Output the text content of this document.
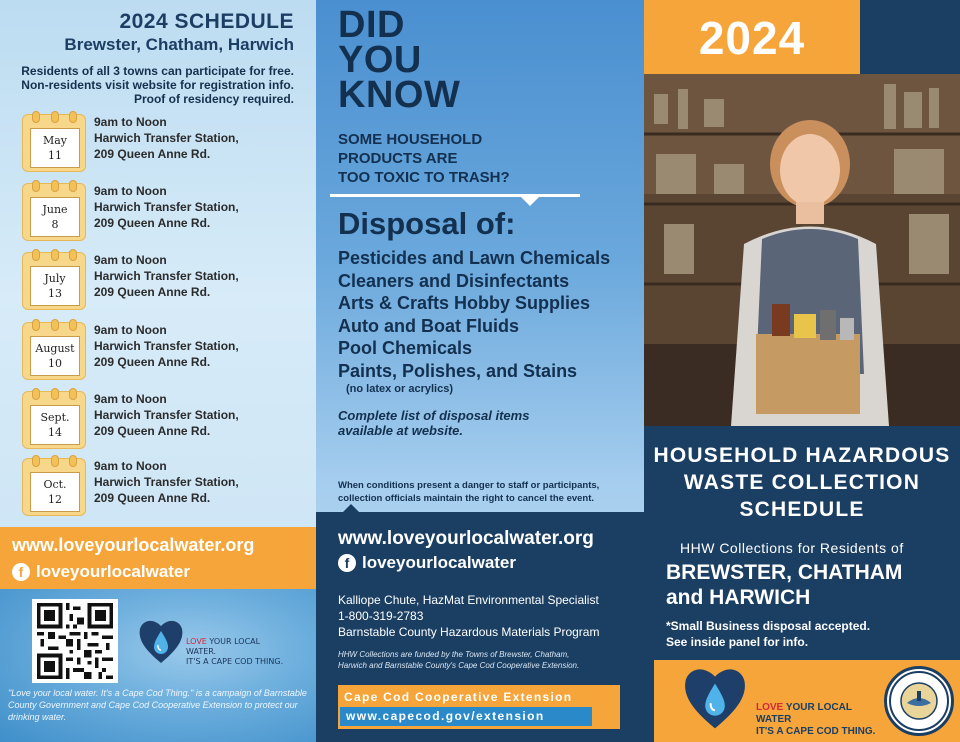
2024 SCHEDULE
Brewster, Chatham, Harwich
Residents of all 3 towns can participate for free.
Non-residents visit website for registration info.
Proof of residency required.
May
11
9am to Noon
Harwich Transfer Station,
209 Queen Anne Rd.
June
8
9am to Noon
Harwich Transfer Station,
209 Queen Anne Rd.
July
13
9am to Noon
Harwich Transfer Station,
209 Queen Anne Rd.
August
10
9am to Noon
Harwich Transfer Station,
209 Queen Anne Rd.
Sept.
14
9am to Noon
Harwich Transfer Station,
209 Queen Anne Rd.
Oct.
12
9am to Noon
Harwich Transfer Station,
209 Queen Anne Rd.
www.loveyourlocalwater.org
f loveyourlocalwater
LOVE YOUR LOCAL WATER.
IT'S A CAPE COD THING.
"Love your local water. It's a Cape Cod Thing." is a campaign of Barnstable County Government and Cape Cod Cooperative Extension to protect our drinking water.
DID
YOU
KNOW
SOME HOUSEHOLD
PRODUCTS ARE
TOO TOXIC TO TRASH?
Disposal of:
Pesticides and Lawn Chemicals
Cleaners and Disinfectants
Arts & Crafts Hobby Supplies
Auto and Boat Fluids
Pool Chemicals
Paints, Polishes, and Stains
(no latex or acrylics)
Complete list of disposal items
available at website.
When conditions present a danger to staff or participants,
collection officials maintain the right to cancel the event.
www.loveyourlocalwater.org
f loveyourlocalwater
Kalliope Chute, HazMat Environmental Specialist
1-800-319-2783
Barnstable County Hazardous Materials Program
HHW Collections are funded by the Towns of Brewster, Chatham,
Harwich and Barnstable County's Cape Cod Cooperative Extension.
Cape Cod Cooperative Extension
www.capecod.gov/extension
2024
HOUSEHOLD HAZARDOUS
WASTE COLLECTION
SCHEDULE
HHW Collections for Residents of
BREWSTER, CHATHAM
and HARWICH
*Small Business disposal accepted.
See inside panel for info.
LOVE YOUR LOCAL WATER
IT'S A CAPE COD THING.
